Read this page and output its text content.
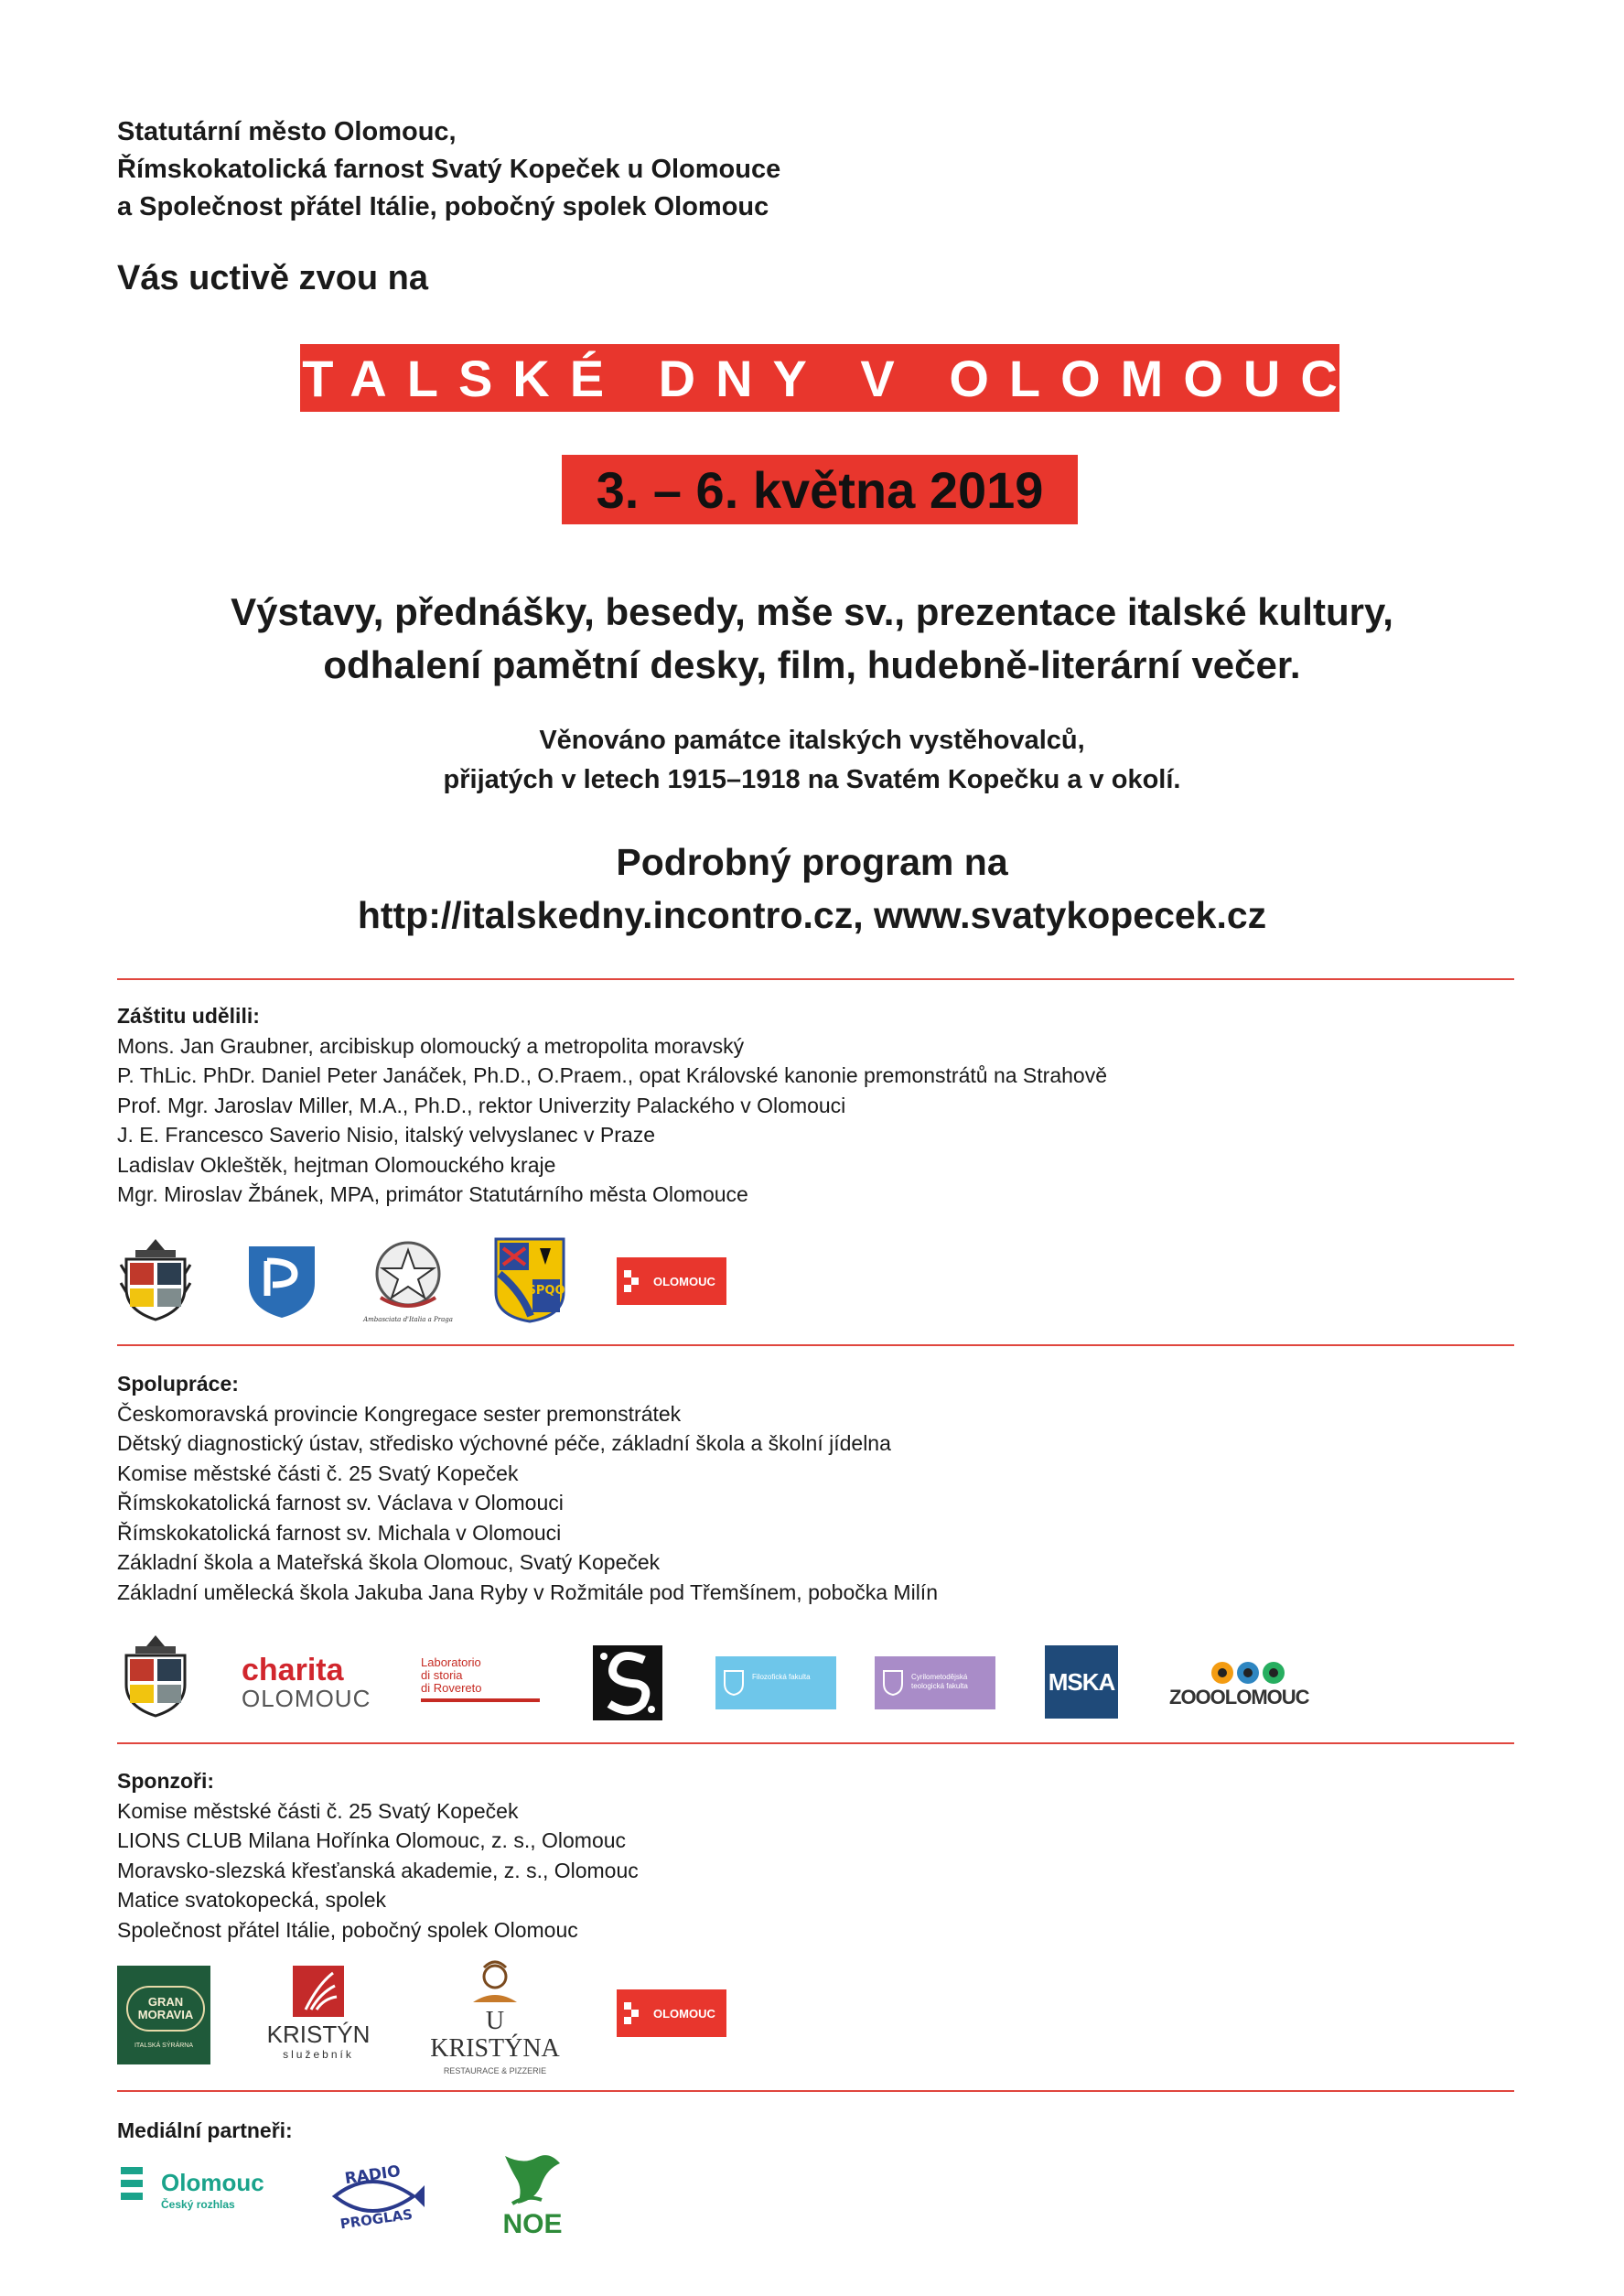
Statutární město Olomouc,
Římskokatolická farnost Svatý Kopeček u Olomouce
a Společnost přátel Itálie, pobočný spolek Olomouc
Vás uctivě zvou na
ITALSKÉ DNY V OLOMOUCI
3. – 6. května 2019
Výstavy, přednášky, besedy, mše sv., prezentace italské kultury,
odhalení pamětní desky, film, hudebně-literární večer.
Věnováno památce italských vystěhovalců,
přijatých v letech 1915–1918 na Svatém Kopečku a v okolí.
Podrobný program na
http://italskedny.incontro.cz, www.svatykopecek.cz
Záštitu udělili:
Mons. Jan Graubner, arcibiskup olomoucký a metropolita moravský
P. ThLic. PhDr. Daniel Peter Janáček, Ph.D., O.Praem., opat Královské kanonie premonstrátů na Strahově
Prof. Mgr. Jaroslav Miller, M.A., Ph.D., rektor Univerzity Palackého v Olomouci
J. E. Francesco Saverio Nisio, italský velvyslanec v Praze
Ladislav Okleštěk, hejtman Olomouckého kraje
Mgr. Miroslav Žbánek, MPA, primátor Statutárního města Olomouce
Ambasciata d'Italia a Praga
SPQO
OLOMOUC
Spolupráce:
Českomoravská provincie Kongregace sester premonstrátek
Dětský diagnostický ústav, středisko výchovné péče, základní škola a školní jídelna
Komise městské části č. 25 Svatý Kopeček
Římskokatolická farnost sv. Václava v Olomouci
Římskokatolická farnost sv. Michala v Olomouci
Základní škola a Mateřská škola Olomouc, Svatý Kopeček
Základní umělecká škola Jakuba Jana Ryby v Rožmitále pod Třemšínem, pobočka Milín
charita
OLOMOUC
Laboratorio
di storia
di Rovereto
Filozofická fakulta	Cyrilometodějská teologická fakulta	MSKA
ZOOOLOMOUC
Sponzoři:
Komise městské části č. 25 Svatý Kopeček
LIONS CLUB Milana Hořínka Olomouc, z. s., Olomouc
Moravsko-slezská křesťanská akademie, z. s., Olomouc
Matice svatokopecká, spolek
Společnost přátel Itálie, pobočný spolek Olomouc
GRAN
MORAVIA
ITALSKÁ SÝRÁRNA	KRISTÝN
služebník
U KRISTÝNA
RESTAURACE & PIZZERIE
OLOMOUC
Mediální partneři:
Olomouc
Český rozhlas
RADIO
PROGLAS	NOE
